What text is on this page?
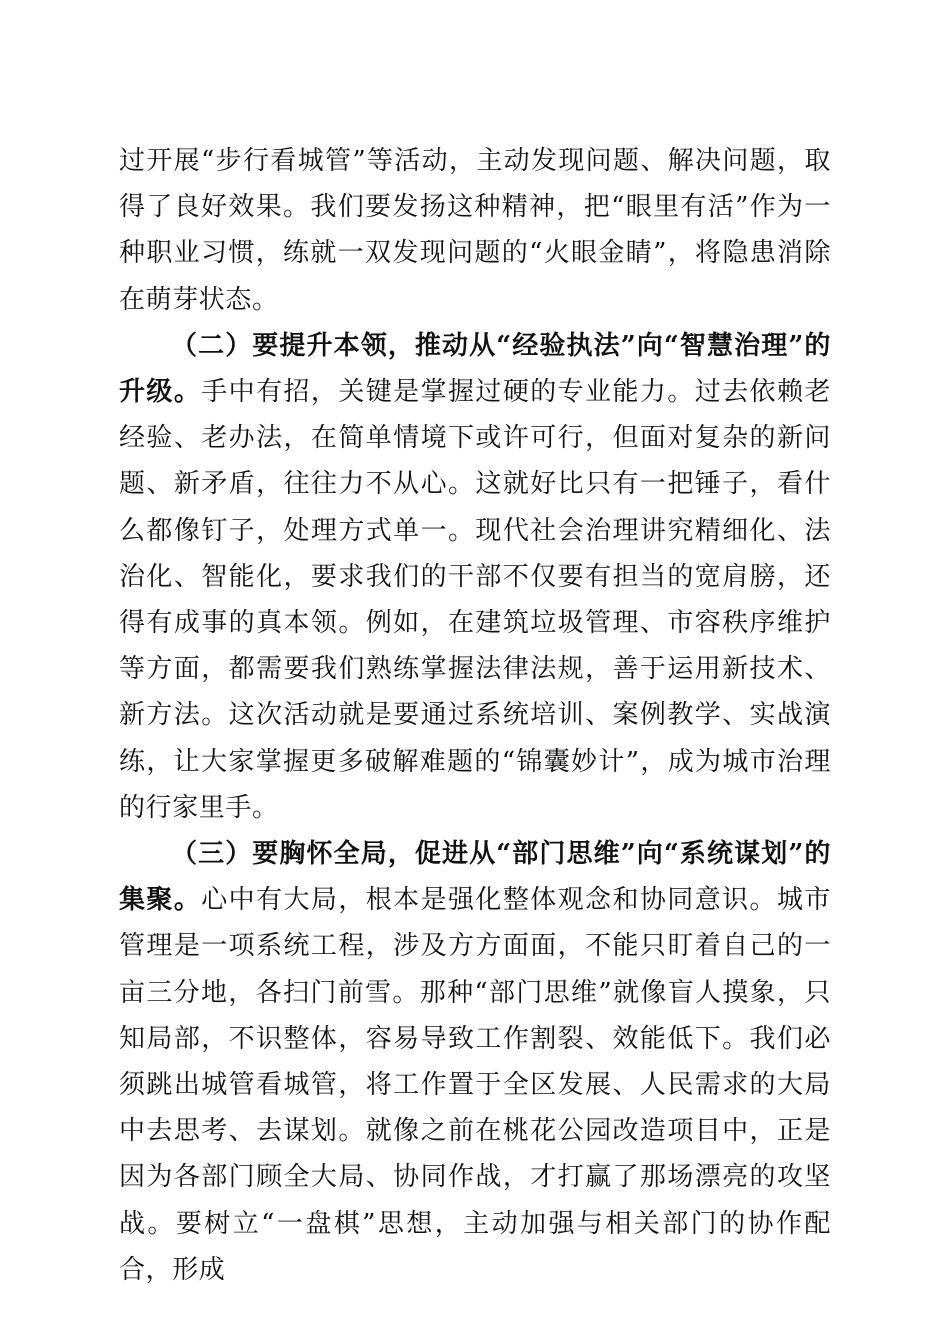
过开展“步行看城管”等活动，主动发现问题、解决问题，取得了良好效果。我们要发扬这种精神，把“眼里有活”作为一种职业习惯，练就一双发现问题的“火眼金睛”，将隐患消除在萌芽状态。

（二）要提升本领，推动从“经验执法”向“智慧治理”的升级。手中有招，关键是掌握过硬的专业能力。过去依赖老经验、老办法，在简单情境下或许可行，但面对复杂的新问题、新矛盾，往往力不从心。这就好比只有一把锤子，看什么都像钉子，处理方式单一。现代社会治理讲究精细化、法治化、智能化，要求我们的干部不仅要有担当的宽肩膀，还得有成事的真本领。例如，在建筑垃圾管理、市容秩序维护等方面，都需要我们熟练掌握法律法规，善于运用新技术、新方法。这次活动就是要通过系统培训、案例教学、实战演练，让大家掌握更多破解难题的“锦囊妙计”，成为城市治理的行家里手。

（三）要胸怀全局，促进从“部门思维”向“系统谋划”的集聚。心中有大局，根本是强化整体观念和协同意识。城市管理是一项系统工程，涉及方方面面，不能只盯着自己的一亩三分地，各扫门前雪。那种“部门思维”就像盲人摸象，只知局部，不识整体，容易导致工作割裂、效能低下。我们必须跳出城管看城管，将工作置于全区发展、人民需求的大局中去思考、去谋划。就像之前在桃花公园改造项目中，正是因为各部门顾全大局、协同作战，才打赢了那场漂亮的攻坚战。要树立“一盘棋”思想，主动加强与相关部门的协作配合，形成
